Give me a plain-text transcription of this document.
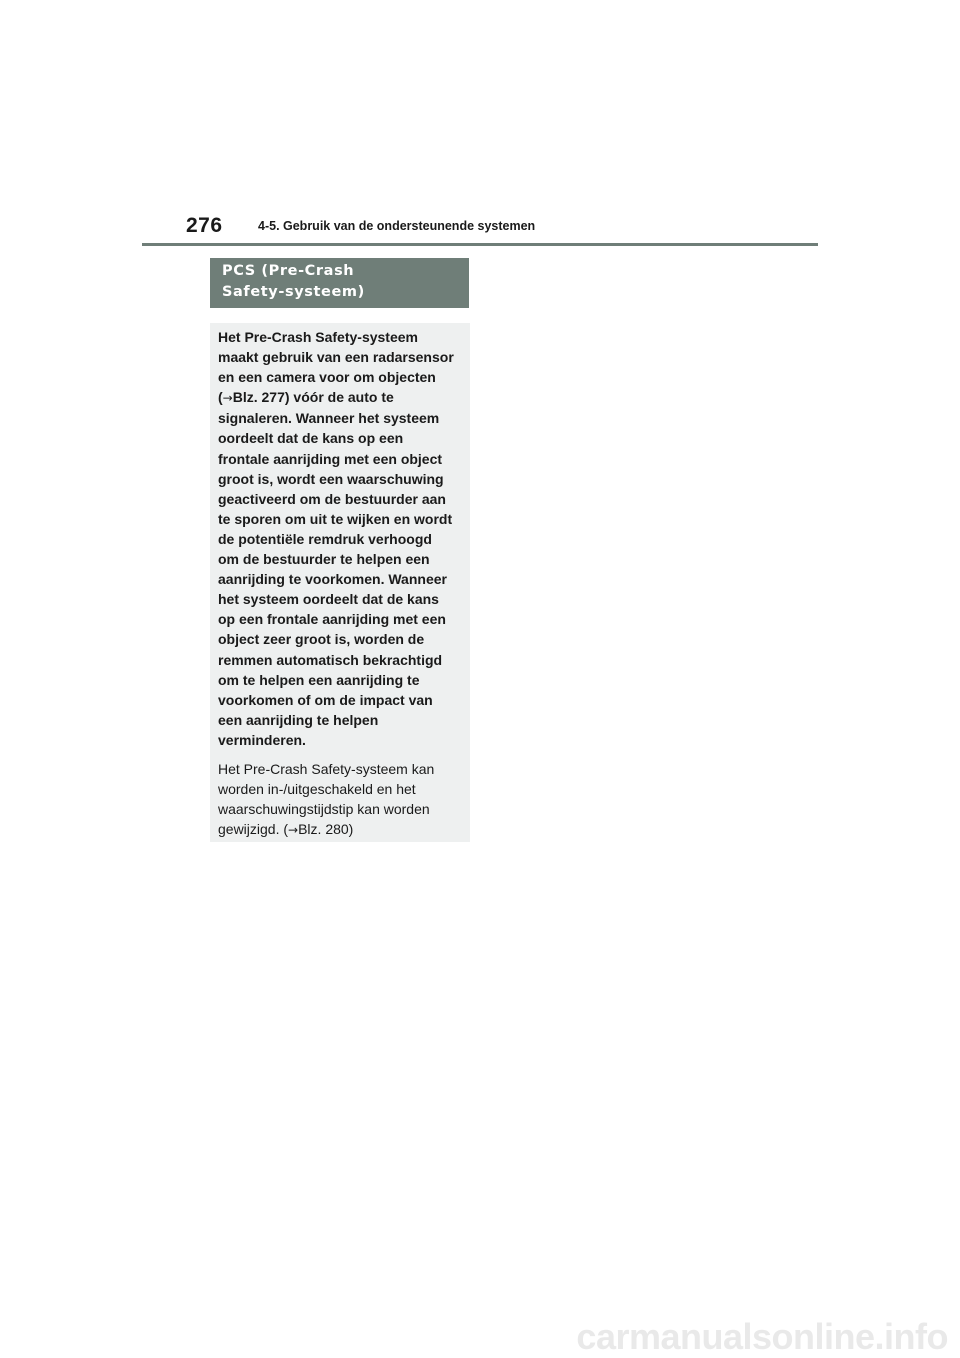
276	4-5. Gebruik van de ondersteunende systemen
PCS (Pre-Crash
Safety-systeem)

Het Pre-Crash Safety-systeem
maakt gebruik van een radarsensor
en een camera voor om objecten
(→Blz. 277) vóór de auto te
signaleren. Wanneer het systeem
oordeelt dat de kans op een
frontale aanrijding met een object
groot is, wordt een waarschuwing
geactiveerd om de bestuurder aan
te sporen om uit te wijken en wordt
de potentiële remdruk verhoogd
om de bestuurder te helpen een
aanrijding te voorkomen. Wanneer
het systeem oordeelt dat de kans
op een frontale aanrijding met een
object zeer groot is, worden de
remmen automatisch bekrachtigd
om te helpen een aanrijding te
voorkomen of om de impact van
een aanrijding te helpen
verminderen.

Het Pre-Crash Safety-systeem kan
worden in-/uitgeschakeld en het
waarschuwingstijdstip kan worden
gewijzigd. (→Blz. 280)

carmanualsonline.info
